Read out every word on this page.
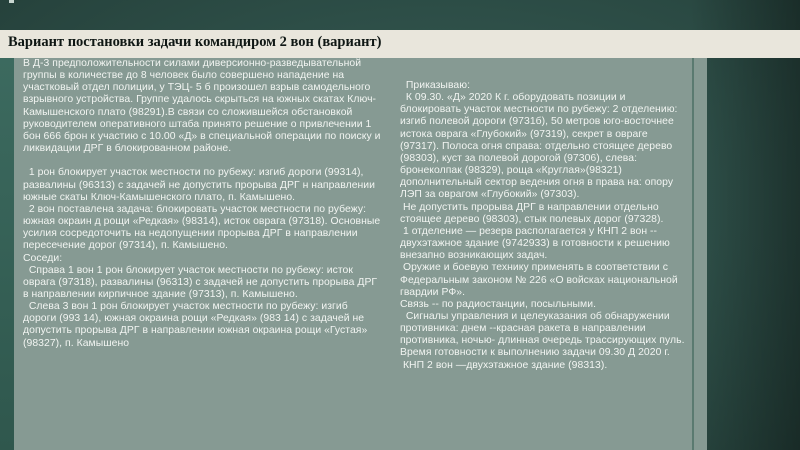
Вариант постановки задачи командиром 2 вон (вариант)

В Д-3 предположительности силами диверсионно-разведывательной группы в количестве до 8 человек было совершено нападение на участковый отдел полиции, у ТЭЦ- 5 б произошел взрыв самодельного взрывного устройства. Группе удалось скрыться на южных скатах Ключ-Камышенского плато (98291).В связи со сложившейся обстановкой руководителем оперативного штаба принято решение о привлечении 1 бон 666 брон к участию с 10.00 «Д» в специальной операции по поиску и ликвидации ДРГ в блокированном районе.

1 рон блокирует участок местности по рубежу: изгиб дороги (99314), развалины (96313) с задачей не допустить прорыва ДРГ н направлении южные скаты Ключ-Камышенского плато, п. Камышено.

2 вон поставлена задача: блокировать участок местности по рубежу: южная окраин д рощи «Редкая» (98314), исток оврага (97318). Основные усилия сосредоточить на недопущении прорыва ДРГ в направлении пересечение дорог (97314), п. Камышено.

Соседи:

Справа 1 вон 1 рон блокирует участок местности по рубежу: исток оврага (97318), развалины (96313) с задачей не допустить прорыва ДРГ в направлении кирпичное здание (97313), п. Камышено.

Слева 3 вон 1 рон блокирует участок местности по рубежу: изгиб дороги (993 14), южная окраина рощи «Редкая» (983 14) с задачей не допустить прорыва ДРГ в направлении южная окраина рощи «Густая» (98327), п. Камышено

Приказываю:

К 09.30. «Д» 2020 К г. оборудовать позиции и блокировать участок местности по рубежу: 2 отделению: изгиб полевой дороги (9731б), 50 метров юго-восточнее истока оврага «Глубокий» (97319), секрет в овраге (97317). Полоса огня справа: отдельно стоящее дерево (98303), куст за полевой дорогой (97306), слева: бронеколпак (98329), роща «Круглая»(98321) дополнительный сектор ведения огня в права на: опору ЛЭП за оврагом «Глубокий» (97303).

Не допустить прорыва ДРГ в направлении отдельно стоящее дерево (98303), стык полевых дорог (97328).

1 отделение — резерв располагается у КНП 2 вон -- двухэтажное здание (9742933) в готовности к решению внезапно возникающих задач.

Оружие и боевую технику применять в соответствии с Федеральным законом № 226 «О войсках национальной гвардии РФ».

Связь -- по радиостанции, посыльными.

Сигналы управления и целеуказания об обнаружении противника: днем --красная ракета в направлении противника, ночью- длинная очередь трассирующих пуль.

Время готовности к выполнению задачи 09.30 Д 2020 г.

КНП 2 вон —двухэтажное здание (98313).
